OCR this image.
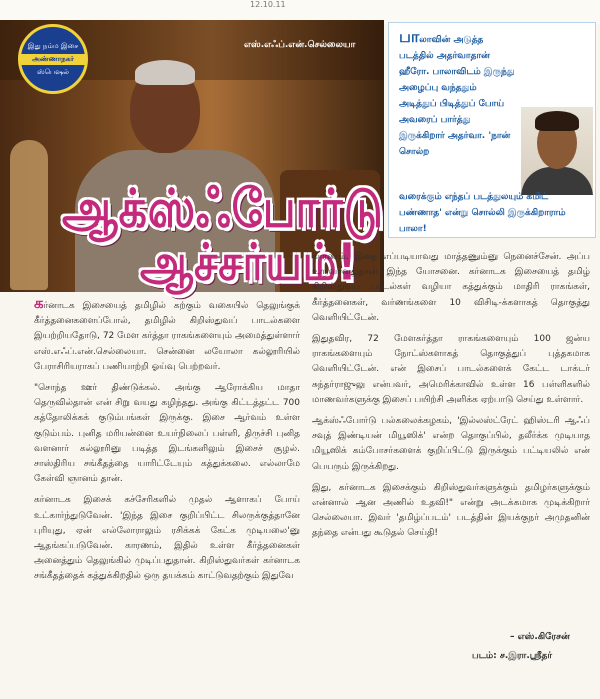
12.10.11
இது நம்ம இசை
அண்ணாநகர்
ஸ்பெஷல்
எஸ்.எஃப்.என்.செல்லையா
ஆக்ஸ்ஃபோர்டு
ஆச்சர்யம்!
பாலாவின் அடுத்த படத்தில் அதர்வாதான் ஹீரோ. பாலாவிடம் இருந்து அழைப்பு வந்ததும் அடித்துப் பிடித்துப் போய் அவரைப் பார்த்து இருக்கிறார் அதர்வா. 'நான் சொல்ற
வரைக்கும் எந்தப் படத்துலயும் கமிட் பண்ணாத' என்று சொல்லி இருக்கிறாராம் பாலா!

கர்னாடக இசையைத் தமிழில் கற்கும் வகையில் தெலுங்குக் கீர்த்தனைகளைப்போல், தமிழில் கிறிஸ்துவப் பாடல்களை இயற்றியதோடு, 72 மேள கர்த்தா ராகங்களையும் அமைத்துள்ளார் எஸ்.எஃப்.என்.செல்லையா. சென்னை லயோலா கல்லூரியில் பேராசிரியராகப் பணியாற்றி ஓய்வு பெற்றவர்.

"சொந்த ஊர் திண்டுக்கல். அங்கு ஆரோக்கிய மாதா தெருவில்தான் என் சிறு வயது கழிந்தது. அங்கு கிட்டத்தட்ட 700 கத்தோலிக்கக் குடும்பங்கள் இருக்கு. இசை ஆர்வம் உள்ள குடும்பம். புனித மரியன்னை உயர்நிலைப் பள்ளி, திருச்சி புனித வளனார் கல்லூரினு படித்த இடங்களிலும் இசைச் சூழல். சாஸ்திரிய சங்கீதத்தை யாரிட்டேயும் கத்துக்கலை. எல்லாமே கேள்வி ஞானம் தான்.

கர்னாடக இசைக் கச்சேரிகளில் முதல் ஆளாகப் போய் உட்கார்ந்துடுவேன். 'இந்த இசை குறிப்பிட்ட சிலருக்குத்தானே புரியுது, ஏன் எல்லோராலும் ரசிக்கக் கேட்க முடியலை'னு ஆதங்கப்படுவேன். காரணம், இதில் உள்ள கீர்த்தனைகள் அனைத்தும் தெலுங்கில் முடிப்பதுதான். கிறிஸ்துவர்கள் கர்னாடக சங்கீதத்தைக் கத்துக்கிறதில் ஒரு தயக்கம் காட்டுவதற்கும் இதுவே

காரணம். இதை எப்படியாவது மாத்தணும்னு நெனைச்சேன். அப்ப உருவானதுதான் இந்த யோசனை. கர்னாடக இசையைத் தமிழ் கிறிஸ்துவப் பாடல்கள் வழியா கத்துக்கும் மாதிரி ராகங்கள், கீர்த்தனைகள், வர்ணங்களை 10 விசிடி-க்களாகத் தொகுத்து வெளியிட்டேன்.

இதுதவிர, 72 மேளகர்த்தா ராகங்களையும் 100 ஜன்ய ராகங்களையும் நோட்ஸ்களாகத் தொகுத்துப் புத்தகமாக வெளியிட்டேன். என் இசைப் பாடல்களைக் கேட்ட டாக்டர் சுந்தர்ராஜுலு என்பவர், அமெரிக்காவில் உள்ள 16 பள்ளிகளில் மாணவர்களுக்கு இசைப் பயிற்சி அளிக்க ஏற்பாடு செய்து உள்ளார்.

ஆக்ஸ்ஃபோர்டு பல்கலைக்கழகம், 'இல்லஸ்ட்ரேட் ஹிஸ்டரி ஆஃப் சவுத் இண்டியன் மியூஸிக்' என்ற தொகுப்பில், தலீர்க்க முடியாத மியூஸிக் கம்போசர்களைக் குறிப்பிட்டு இருக்கும் பட்டியலில் என் பெயரும் இருக்கிறது.

இது, கர்னாடக இசைக்கும் கிறிஸ்துவர்களுக்கும் தமிழர்களுக்கும் என்னால் ஆன அணில் உதவி!" என்று அடக்கமாக முடிக்கிறார் செல்லையா. இவர் 'தமிழ்ப்படம்' படத்தின் இயக்குநர் அமுதனின் தந்தை என்பது கூடுதல் செய்தி!

– எஸ்.கிரேசன்
படம்: ச.இரா.ஸ்ரீதர்
